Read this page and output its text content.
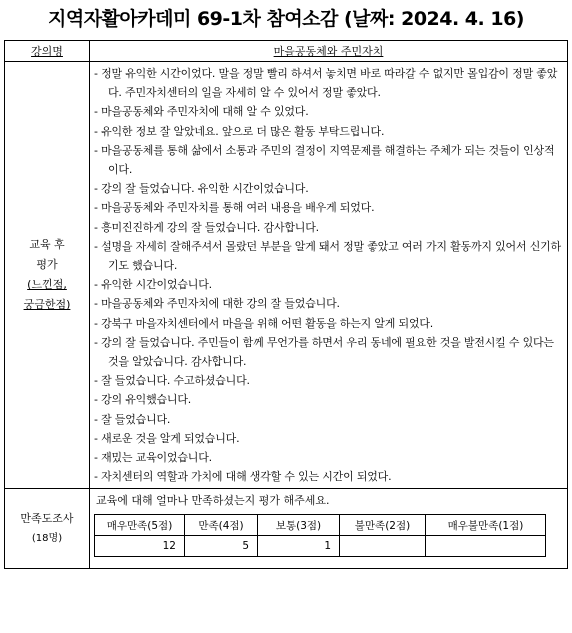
지역자활아카데미 69-1차 참여소감 (날짜: 2024. 4. 16)
강의명	마을공동체와 주민자치

교육 후
평가
(느낀점,
궁금한점)

- 정말 유익한 시간이었다. 말을 정말 빨리 하셔서 놓치면 바로 따라갈 수 없지만 몰입감이 정말 좋았다. 주민자치센터의 일을 자세히 알 수 있어서 정말 좋았다.
- 마을공동체와 주민자치에 대해 알 수 있었다.
- 유익한 정보 잘 알았네요. 앞으로 더 많은 활동 부탁드립니다.
- 마을공동체를 통해 삶에서 소통과 주민의 결정이 지역문제를 해결하는 주체가 되는 것들이 인상적이다.
- 강의 잘 들었습니다. 유익한 시간이었습니다.
- 마을공동체와 주민자치를 통해 여러 내용을 배우게 되었다.
- 흥미진진하게 강의 잘 들었습니다. 감사합니다.
- 설명을 자세히 잘해주셔서 몰랐던 부분을 알게 돼서 정말 좋았고 여러 가지 활동까지 있어서 신기하기도 했습니다.
- 유익한 시간이었습니다.
- 마을공동체와 주민자치에 대한 강의 잘 들었습니다.
- 강북구 마을자치센터에서 마을을 위해 어떤 활동을 하는지 알게 되었다.
- 강의 잘 들었습니다. 주민들이 함께 무언가를 하면서 우리 동네에 필요한 것을 발전시킬 수 있다는 것을 알았습니다. 감사합니다.
- 잘 들었습니다. 수고하셨습니다.
- 강의 유익했습니다.
- 잘 들었습니다.
- 새로운 것을 알게 되었습니다.
- 재밌는 교육이었습니다.
- 자치센터의 역할과 가치에 대해 생각할 수 있는 시간이 되었다.

만족도조사
(18명)

교육에 대해 얼마나 만족하셨는지 평가 해주세요.
매우만족(5점)	만족(4점)	보통(3점)	불만족(2점)	매우불만족(1점)
12	5	1		
